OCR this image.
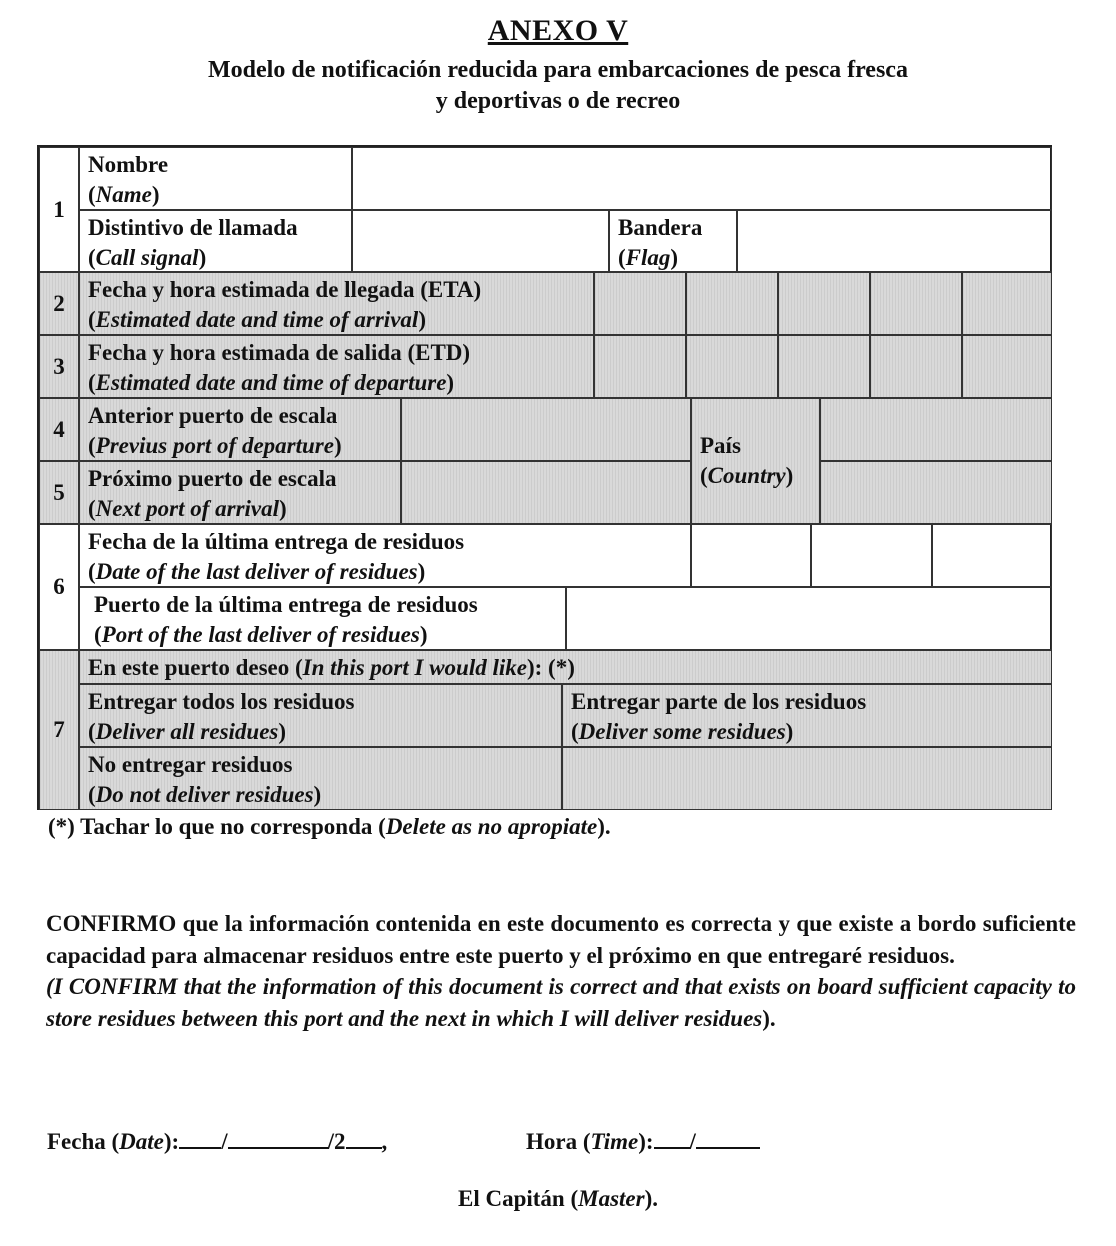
ANEXO V
Modelo de notificación reducida para embarcaciones de pesca fresca
y deportivas o de recreo
1
Nombre
(Name)
Distintivo de llamada
(Call signal)
Bandera
(Flag)
2
Fecha y hora estimada de llegada (ETA)
(Estimated date and time of arrival)
3
Fecha y hora estimada de salida (ETD)
(Estimated date and time of departure)
4
Anterior puerto de escala
(Previus port of departure)
5
Próximo puerto de escala
(Next port of arrival)
País
(Country)
6
Fecha de la última entrega de residuos
(Date of the last deliver of residues)
Puerto de la última entrega de residuos
(Port of the last deliver of residues)
7
En este puerto deseo (In this port I would like): (*)
Entregar todos los residuos
(Deliver all residues)
Entregar parte de los residuos
(Deliver some residues)
No entregar residuos
(Do not deliver residues)
(*) Tachar lo que no corresponda (Delete as no apropiate).
CONFIRMO que la información contenida en este documento es correcta y que existe a bordo suficiente capacidad para almacenar residuos entre este puerto y el próximo en que entregaré residuos.
(I CONFIRM that the information of this document is correct and that exists on board sufficient capacity to store residues between this port and the next in which I will deliver residues).
Fecha (Date): /	/2 ,	Hora (Time): /
El Capitán (Master).
